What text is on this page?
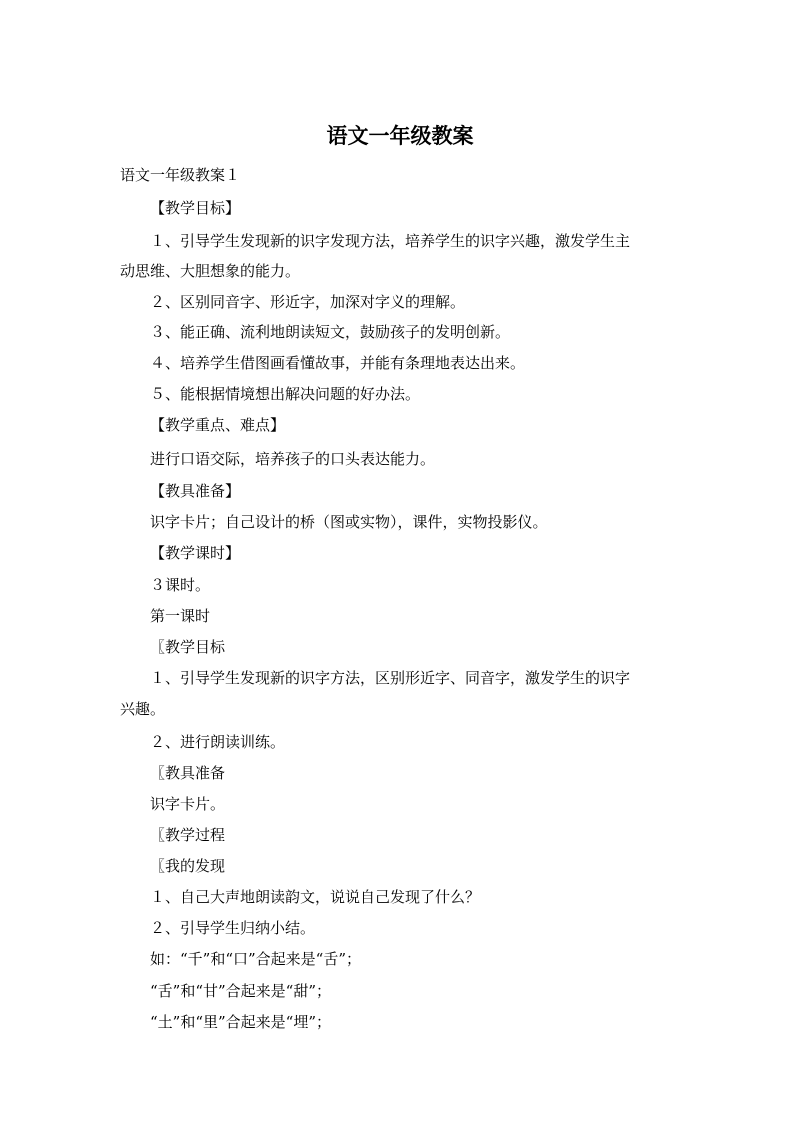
语文一年级教案

语文一年级教案１

【教学目标】

１、引导学生发现新的识字发现方法，培养学生的识字兴趣，激发学生主

动思维、大胆想象的能力。

２、区别同音字、形近字，加深对字义的理解。

３、能正确、流利地朗读短文，鼓励孩子的发明创新。

４、培养学生借图画看懂故事，并能有条理地表达出来。

５、能根据情境想出解决问题的好办法。

【教学重点、难点】

进行口语交际，培养孩子的口头表达能力。

【教具准备】

识字卡片；自己设计的桥（图或实物），课件，实物投影仪。

【教学课时】

３课时。

第一课时

〖教学目标

１、引导学生发现新的识字方法，区别形近字、同音字，激发学生的识字

兴趣。

２、进行朗读训练。

〖教具准备

识字卡片。

〖教学过程

〖我的发现

１、自己大声地朗读韵文，说说自己发现了什么？

２、引导学生归纳小结。

如：“千”和“口”合起来是“舌”；

“舌”和“甘”合起来是“甜”；

“土”和“里”合起来是“埋”；
